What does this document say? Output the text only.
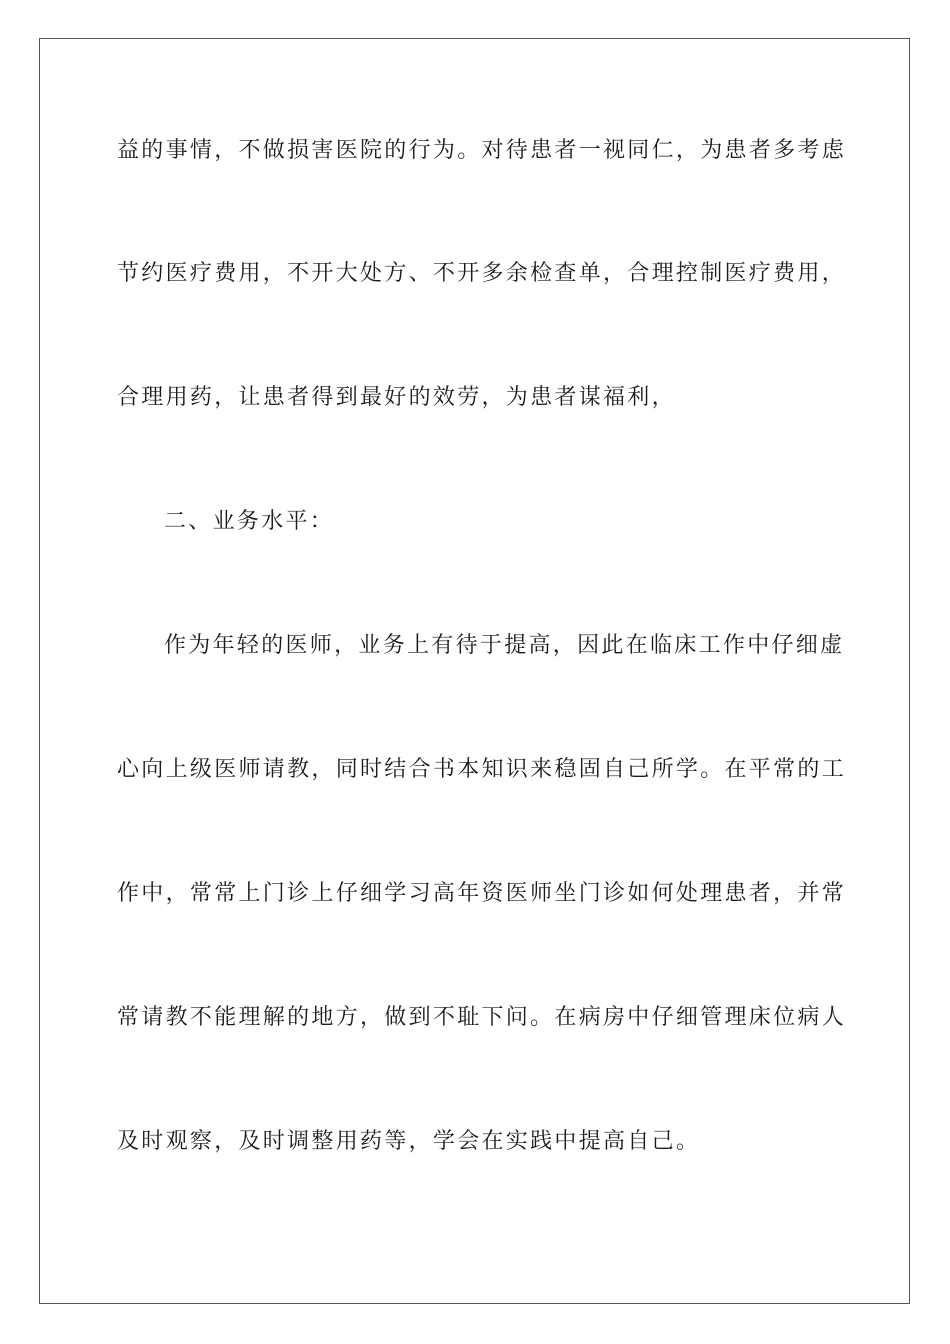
益的事情，不做损害医院的行为。对待患者一视同仁，为患者多考虑
节约医疗费用，不开大处方、不开多余检查单，合理控制医疗费用，
合理用药，让患者得到最好的效劳，为患者谋福利，
二、业务水平：
作为年轻的医师，业务上有待于提高，因此在临床工作中仔细虚
心向上级医师请教，同时结合书本知识来稳固自己所学。在平常的工
作中，常常上门诊上仔细学习高年资医师坐门诊如何处理患者，并常
常请教不能理解的地方，做到不耻下问。在病房中仔细管理床位病人
及时观察，及时调整用药等，学会在实践中提高自己。
